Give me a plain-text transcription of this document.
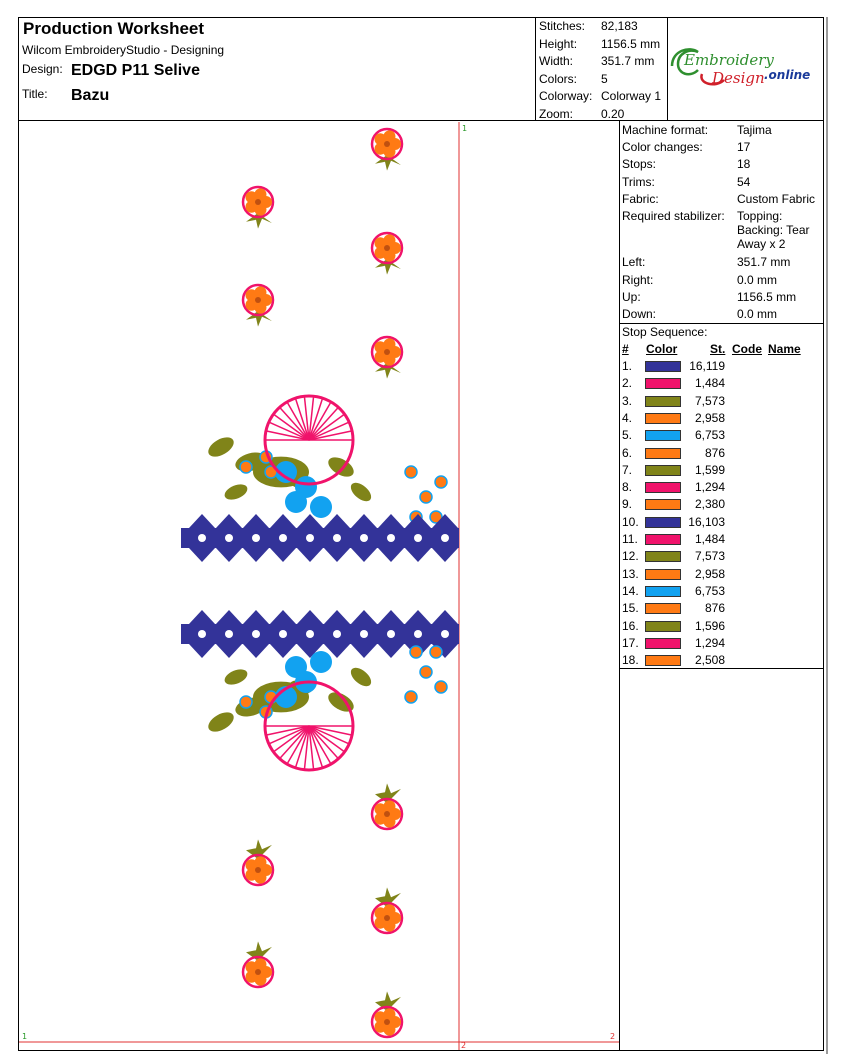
Production Worksheet
Wilcom EmbroideryStudio - Designing
Design: EDGD P11 Selive
Title: Bazu
Stitches: 82,183
Height: 1156.5 mm
Width: 351.7 mm
Colors: 5
Colorway: Colorway 1
Zoom: 0.20
Embroidery
Design .online
Machine format: Tajima
Color changes:	17
Stops:	18
Trims:	54
Fabric:	Custom Fabric
Required stabilizer: Topping:
Backing: Tear
Away x 2
Left:	351.7 mm
Right:	0.0 mm
Up:	1156.5 mm
Down:	0.0 mm
Stop Sequence:
# Color	St. Code Name
1.	16,119
2.	1,484
3.	7,573
4.	2,958
5.	6,753
6.	876
7.	1,599
8.	1,294
9.	2,380
10.	16,103
11.	1,484
12.	7,573
13.	2,958
14.	6,753
15.	876
16.	1,596
17.	1,294
18.	2,508
1
1
2
2
